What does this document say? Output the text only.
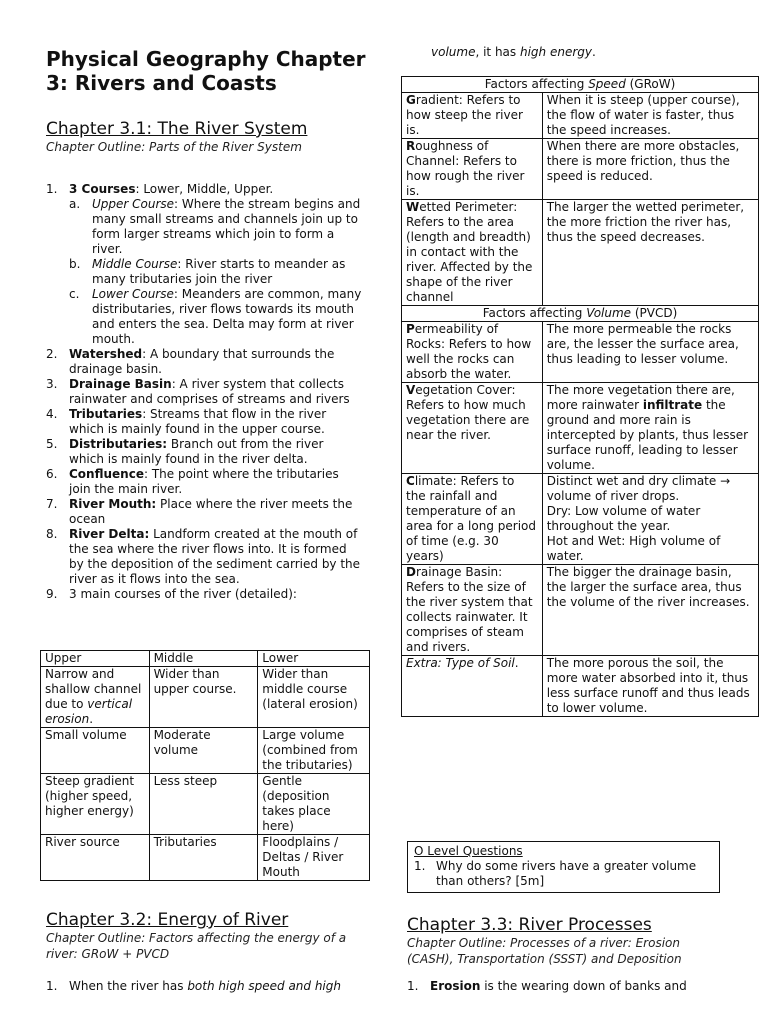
Physical Geography Chapter 3: Rivers and Coasts
Chapter 3.1: The River System
Chapter Outline: Parts of the River System
1. 3 Courses: Lower, Middle, Upper.
a. Upper Course: Where the stream begins and many small streams and channels join up to form larger streams which join to form a river.
b. Middle Course: River starts to meander as many tributaries join the river
c. Lower Course: Meanders are common, many distributaries, river flows towards its mouth and enters the sea. Delta may form at river mouth.
2. Watershed: A boundary that surrounds the drainage basin.
3. Drainage Basin: A river system that collects rainwater and comprises of streams and rivers
4. Tributaries: Streams that flow in the river which is mainly found in the upper course.
5. Distributaries: Branch out from the river which is mainly found in the river delta.
6. Confluence: The point where the tributaries join the main river.
7. River Mouth: Place where the river meets the ocean
8. River Delta: Landform created at the mouth of the sea where the river flows into. It is formed by the deposition of the sediment carried by the river as it flows into the sea.
9. 3 main courses of the river (detailed):
Upper	Middle	Lower
Narrow and shallow channel due to vertical erosion.	Wider than upper course.	Wider than middle course (lateral erosion)
Small volume	Moderate volume	Large volume (combined from the tributaries)
Steep gradient (higher speed, higher energy)	Less steep	Gentle (deposition takes place here)
River source	Tributaries	Floodplains / Deltas / River Mouth
Chapter 3.2: Energy of River
Chapter Outline: Factors affecting the energy of a river: GRoW + PVCD
1. When the river has both high speed and high
volume, it has high energy.
Factors affecting Speed (GRoW)	
Gradient: Refers to how steep the river is.	When it is steep (upper course), the flow of water is faster, thus the speed increases.
Roughness of Channel: Refers to how rough the river is.	When there are more obstacles, there is more friction, thus the speed is reduced.
Wetted Perimeter: Refers to the area (length and breadth) in contact with the river. Affected by the shape of the river channel	The larger the wetted perimeter, the more friction the river has, thus the speed decreases.
Factors affecting Volume (PVCD)	
Permeability of Rocks: Refers to how well the rocks can absorb the water.	The more permeable the rocks are, the lesser the surface area, thus leading to lesser volume.
Vegetation Cover: Refers to how much vegetation there are near the river.	The more vegetation there are, more rainwater infiltrate the ground and more rain is intercepted by plants, thus lesser surface runoff, leading to lesser volume.
Climate: Refers to the rainfall and temperature of an area for a long period of time (e.g. 30 years)	Distinct wet and dry climate → volume of river drops.
Dry: Low volume of water throughout the year.
Hot and Wet: High volume of water.

Drainage Basin: Refers to the size of the river system that collects rainwater. It comprises of steam and rivers.	The bigger the drainage basin, the larger the surface area, thus the volume of the river increases.
Extra: Type of Soil.	The more porous the soil, the more water absorbed into it, thus less surface runoff and thus leads to lower volume.
O Level Questions
1. Why do some rivers have a greater volume than others? [5m]
Chapter 3.3: River Processes
Chapter Outline: Processes of a river: Erosion (CASH), Transportation (SSST) and Deposition
1. Erosion is the wearing down of banks and
